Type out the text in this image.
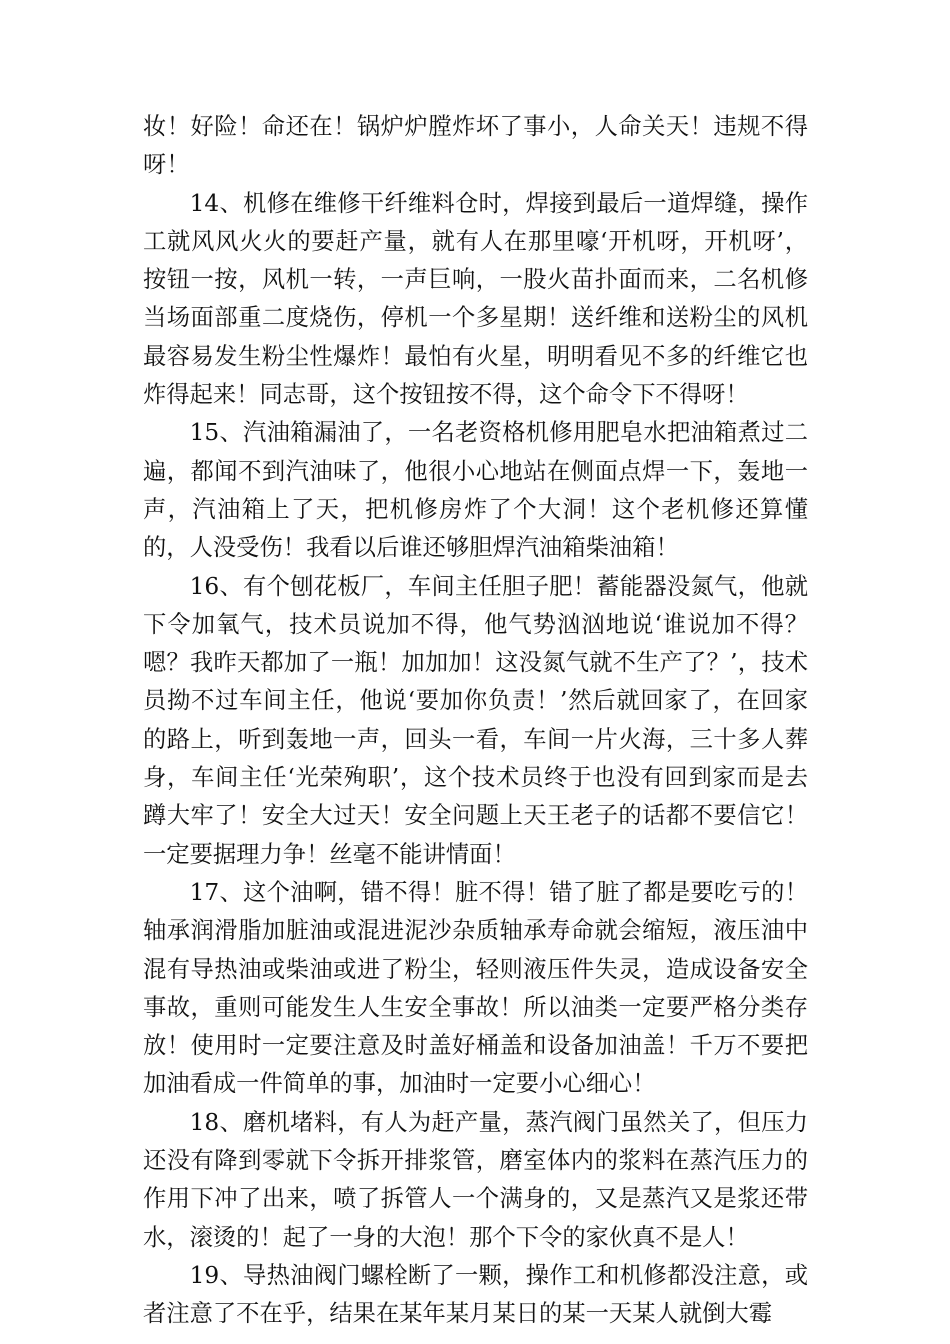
妆！好险！命还在！锅炉炉膛炸坏了事小，人命关天！违规不得呀！

14、机修在维修干纤维料仓时，焊接到最后一道焊缝，操作工就风风火火的要赶产量，就有人在那里嚎‘开机呀，开机呀’，按钮一按，风机一转，一声巨响，一股火苗扑面而来，二名机修当场面部重二度烧伤，停机一个多星期！送纤维和送粉尘的风机最容易发生粉尘性爆炸！最怕有火星，明明看见不多的纤维它也炸得起来！同志哥，这个按钮按不得，这个命令下不得呀！

15、汽油箱漏油了，一名老资格机修用肥皂水把油箱煮过二遍，都闻不到汽油味了，他很小心地站在侧面点焊一下，轰地一声，汽油箱上了天，把机修房炸了个大洞！这个老机修还算懂的，人没受伤！我看以后谁还够胆焊汽油箱柴油箱！

16、有个刨花板厂，车间主任胆子肥！蓄能器没氮气，他就下令加氧气，技术员说加不得，他气势汹汹地说‘谁说加不得？嗯？我昨天都加了一瓶！加加加！这没氮气就不生产了？’，技术员拗不过车间主任，他说‘要加你负责！’然后就回家了，在回家的路上，听到轰地一声，回头一看，车间一片火海，三十多人葬身，车间主任‘光荣殉职’，这个技术员终于也没有回到家而是去蹲大牢了！安全大过天！安全问题上天王老子的话都不要信它！一定要据理力争！丝毫不能讲情面！

17、这个油啊，错不得！脏不得！错了脏了都是要吃亏的！轴承润滑脂加脏油或混进泥沙杂质轴承寿命就会缩短，液压油中混有导热油或柴油或进了粉尘，轻则液压件失灵，造成设备安全事故，重则可能发生人生安全事故！所以油类一定要严格分类存放！使用时一定要注意及时盖好桶盖和设备加油盖！千万不要把加油看成一件简单的事，加油时一定要小心细心！

18、磨机堵料，有人为赶产量，蒸汽阀门虽然关了，但压力还没有降到零就下令拆开排浆管，磨室体内的浆料在蒸汽压力的作用下冲了出来，喷了拆管人一个满身的，又是蒸汽又是浆还带水，滚烫的！起了一身的大泡！那个下令的家伙真不是人！

19、导热油阀门螺栓断了一颗，操作工和机修都没注意，或者注意了不在乎，结果在某年某月某日的某一天某人就倒大霉
